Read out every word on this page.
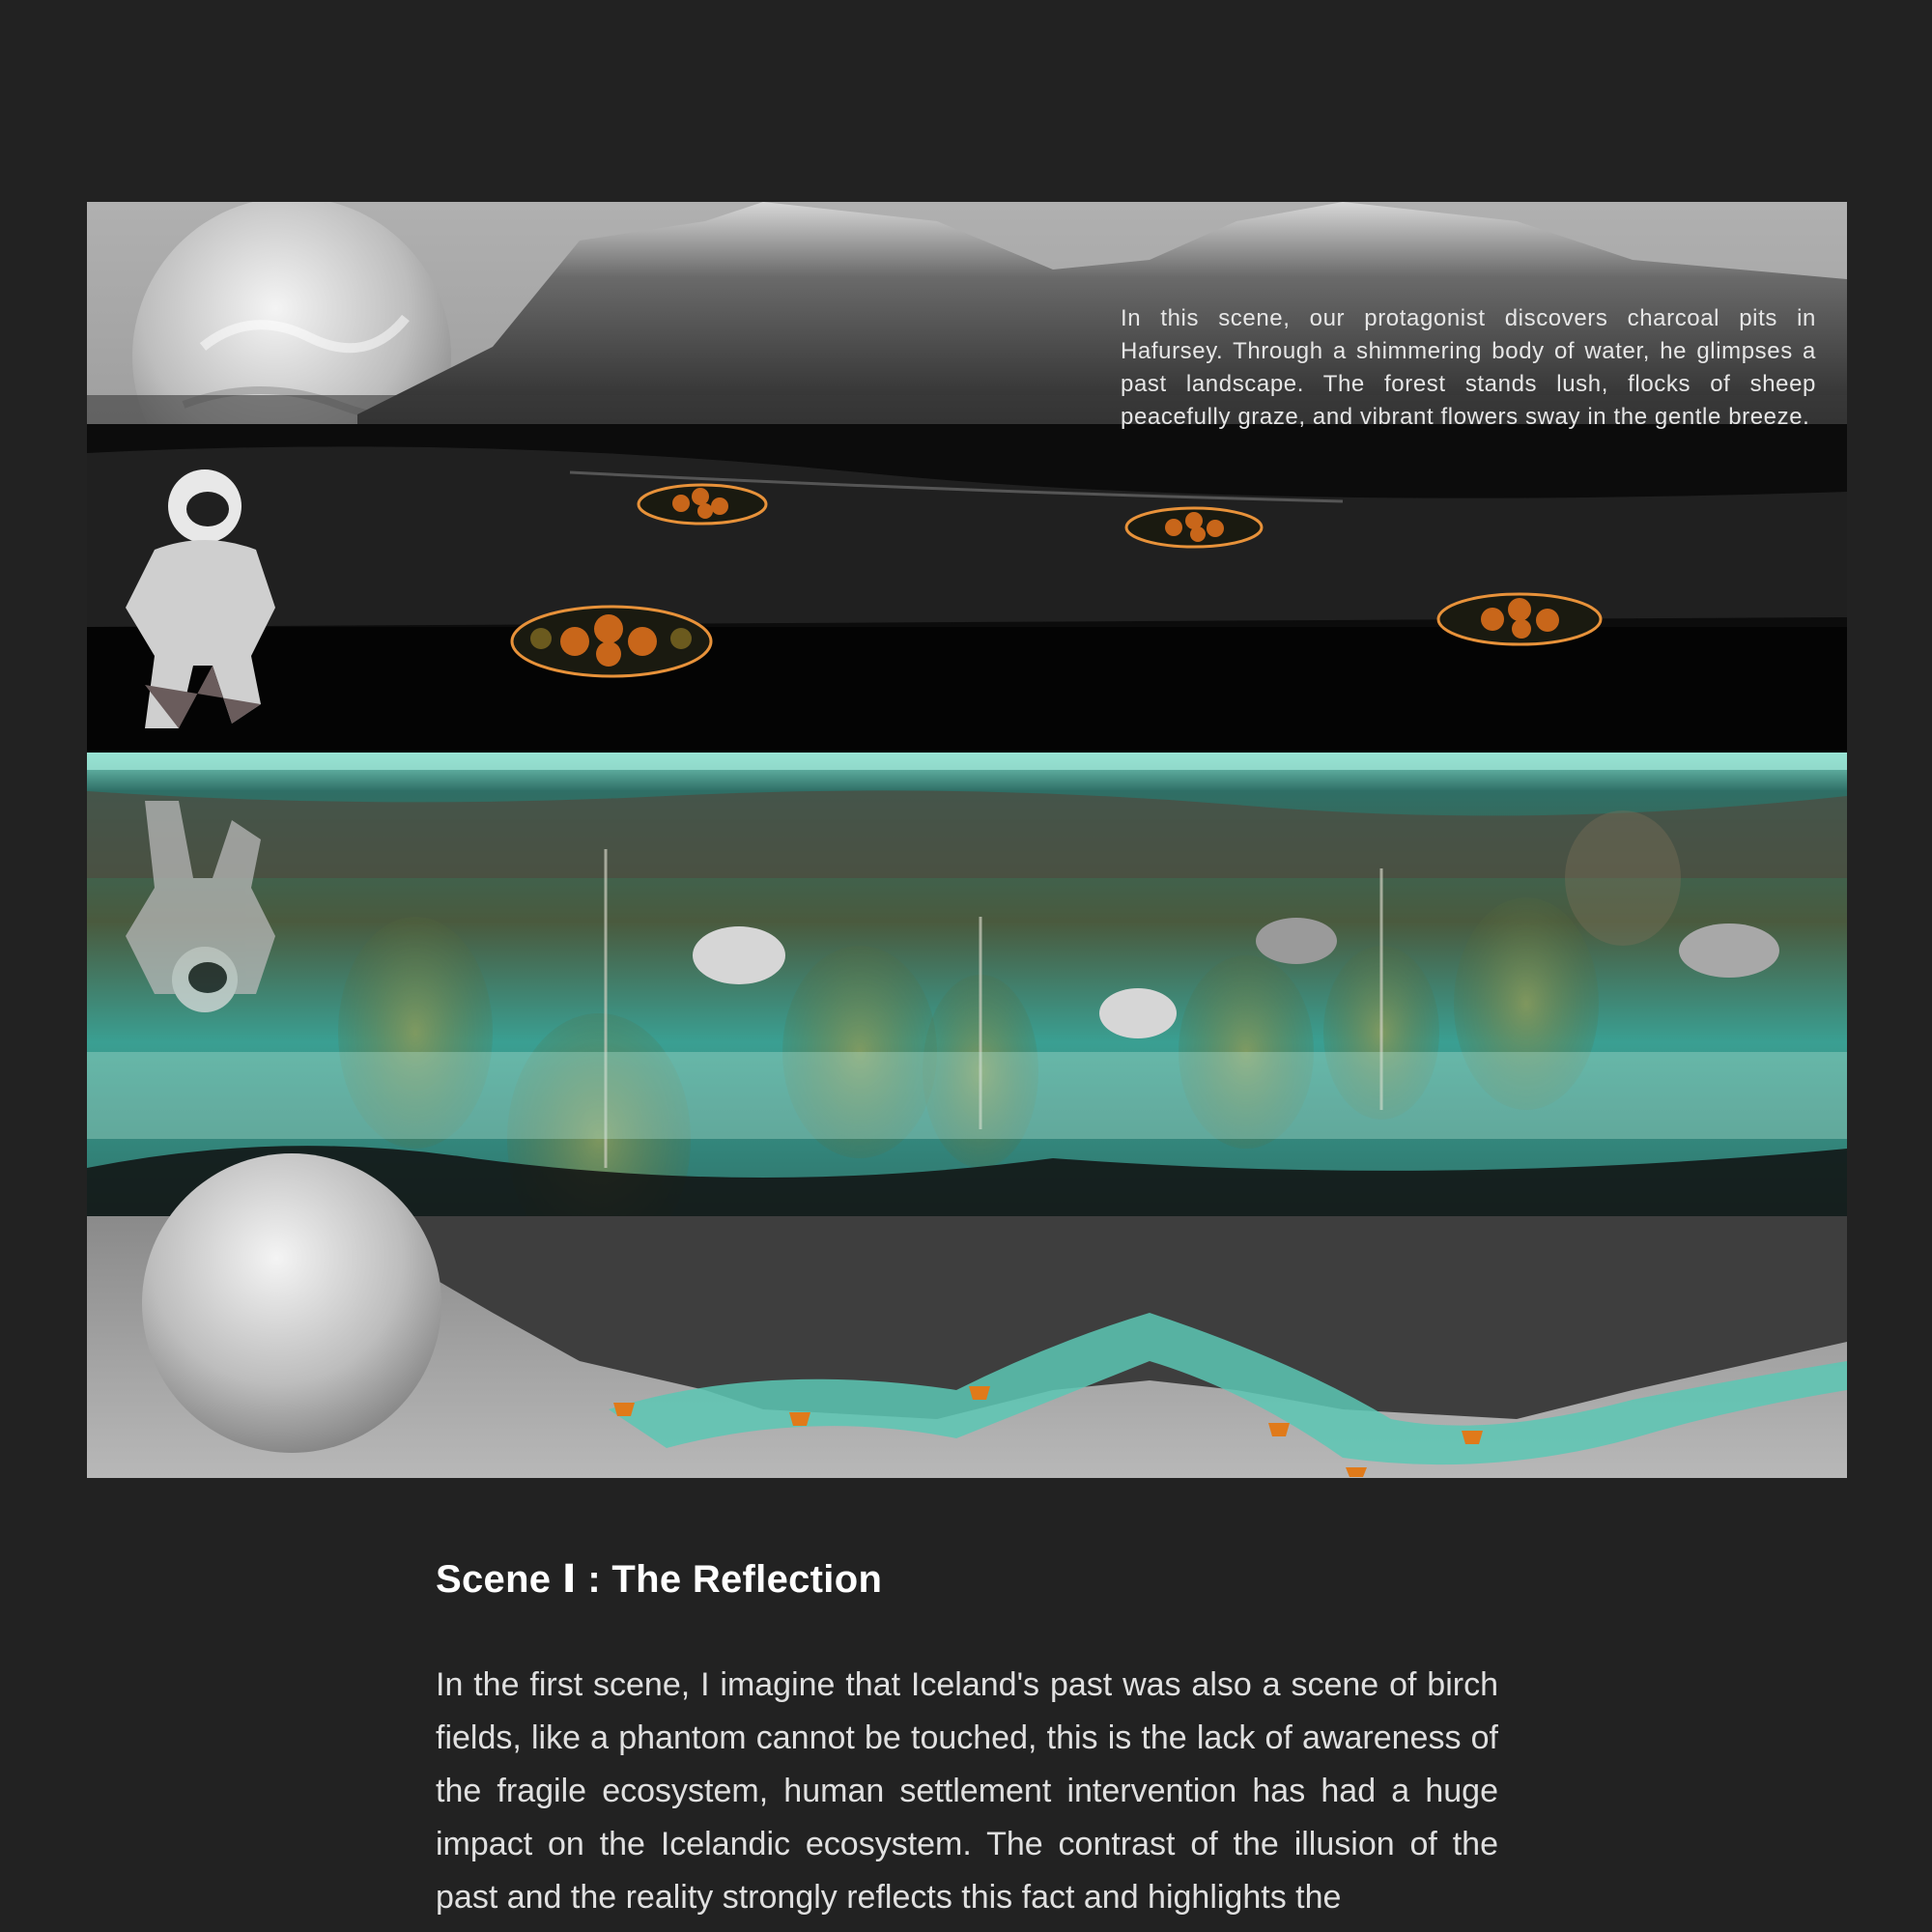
In this scene, our protagonist discovers charcoal pits in Hafursey. Through a shimmering body of water, he glimpses a past landscape. The forest stands lush, flocks of sheep peacefully graze, and vibrant flowers sway in the gentle breeze.

Scene Ⅰ : The Reflection

In the first scene, I imagine that Iceland's past was also a scene of birch fields, like a phantom cannot be touched, this is the lack of awareness of the fragile ecosystem, human settlement intervention has had a huge impact on the Icelandic ecosystem. The contrast of the illusion of the past and the reality strongly reflects this fact and highlights the
